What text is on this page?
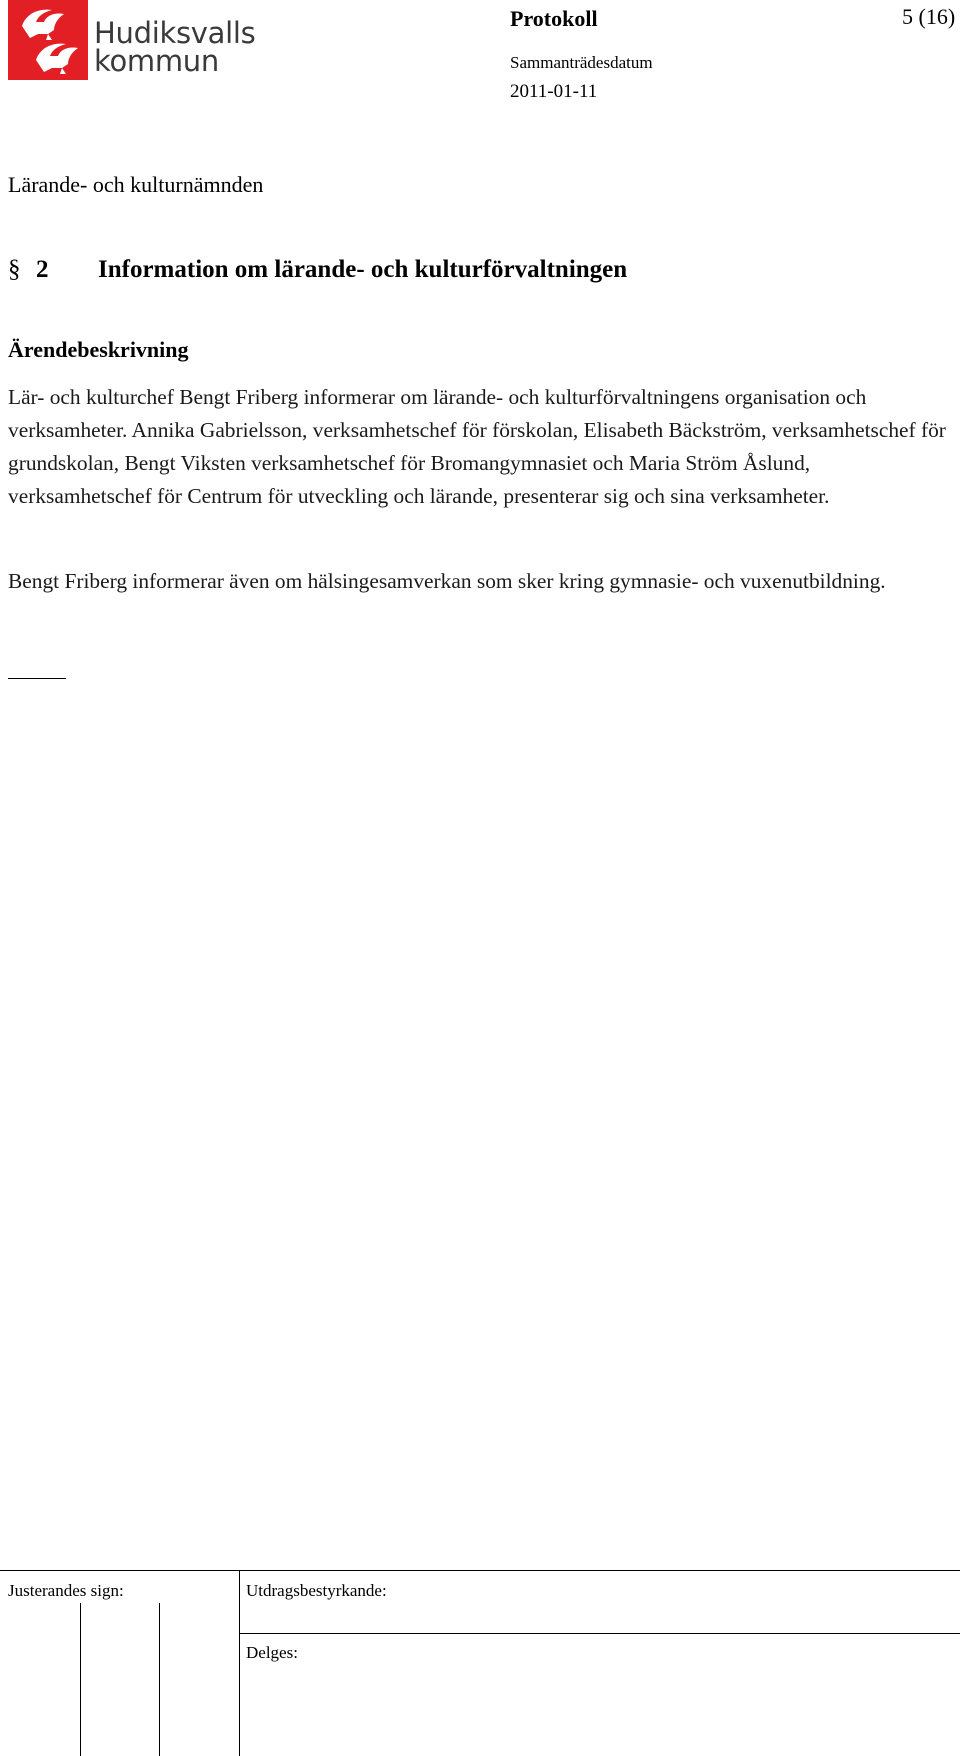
Hudiksvalls
kommun
Protokoll	5 (16)
Sammanträdesdatum
2011-01-11
Lärande- och kulturnämnden
§ 2 Information om lärande- och kulturförvaltningen
Ärendebeskrivning

Lär- och kulturchef Bengt Friberg informerar om lärande- och kulturförvaltningens organisation och verksamheter. Annika Gabrielsson, verksamhetschef för förskolan, Elisabeth Bäckström, verksamhetschef för grundskolan, Bengt Viksten verksamhetschef för Bromangymnasiet och Maria Ström Åslund, verksamhetschef för Centrum för utveckling och lärande, presenterar sig och sina verksamheter.

Bengt Friberg informerar även om hälsingesamverkan som sker kring gymnasie- och vuxenutbildning.

Justerandes sign:	Utdragsbestyrkande:
Delges:
